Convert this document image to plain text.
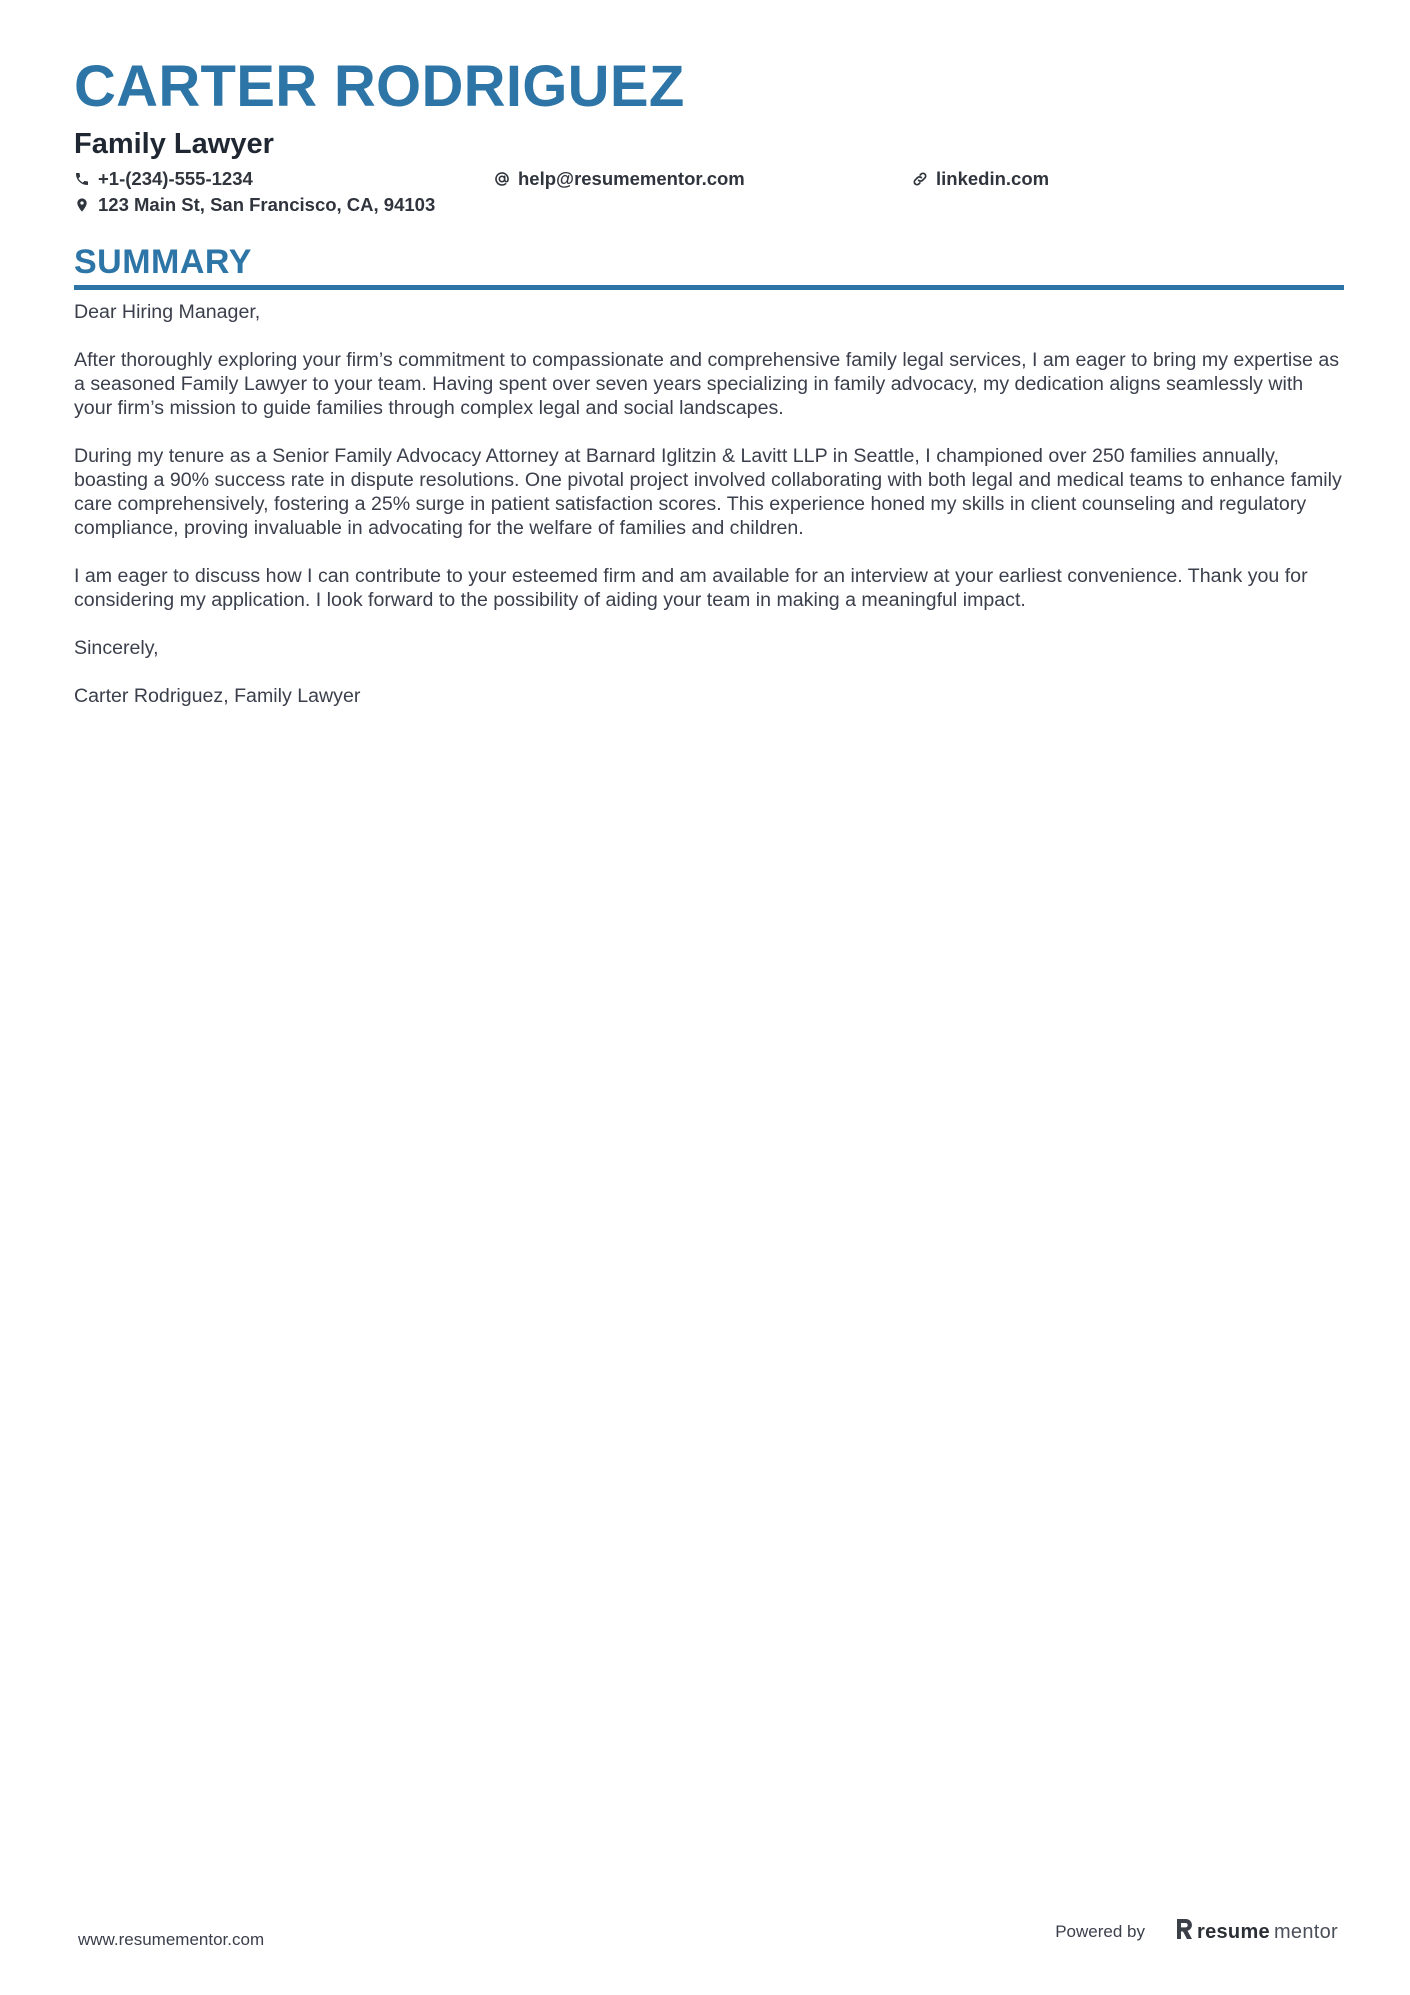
CARTER RODRIGUEZ
Family Lawyer
+1-(234)-555-1234	help@resumementor.com	linkedin.com
123 Main St, San Francisco, CA, 94103
SUMMARY

Dear Hiring Manager,

After thoroughly exploring your firm’s commitment to compassionate and comprehensive family legal services, I am eager to bring my expertise as a seasoned Family Lawyer to your team. Having spent over seven years specializing in family advocacy, my dedication aligns seamlessly with your firm’s mission to guide families through complex legal and social landscapes.

During my tenure as a Senior Family Advocacy Attorney at Barnard Iglitzin & Lavitt LLP in Seattle, I championed over 250 families annually, boasting a 90% success rate in dispute resolutions. One pivotal project involved collaborating with both legal and medical teams to enhance family care comprehensively, fostering a 25% surge in patient satisfaction scores. This experience honed my skills in client counseling and regulatory compliance, proving invaluable in advocating for the welfare of families and children.

I am eager to discuss how I can contribute to your esteemed firm and am available for an interview at your earliest convenience. Thank you for considering my application. I look forward to the possibility of aiding your team in making a meaningful impact.

Sincerely,

Carter Rodriguez, Family Lawyer

www.resumementor.com	Powered by	resume mentor
